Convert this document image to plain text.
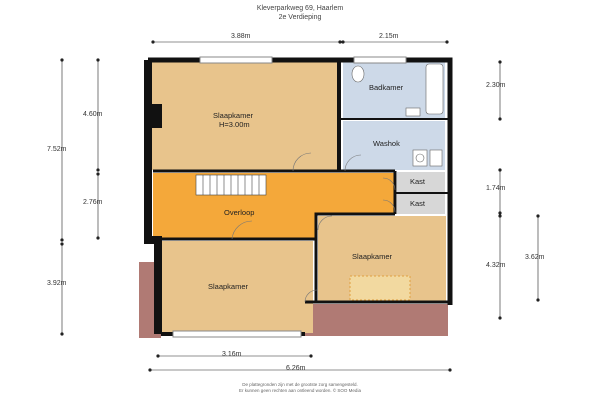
Kleverparkweg 69, Haarlem
2e Verdieping
3.88m	2.15m
4.60m
7.52m
2.76m
3.92m
2.30m
1.74m
4.32m
3.62m
3.16m
6.26m
Slaapkamer
H=3.00m
Badkamer
Washok
Kast
Kast
Overloop
Slaapkamer
Slaapkamer
De plattegronden zijn met de grootste zorg samengesteld.
Er kunnen geen rechten aan ontleend worden. © SOO Media
